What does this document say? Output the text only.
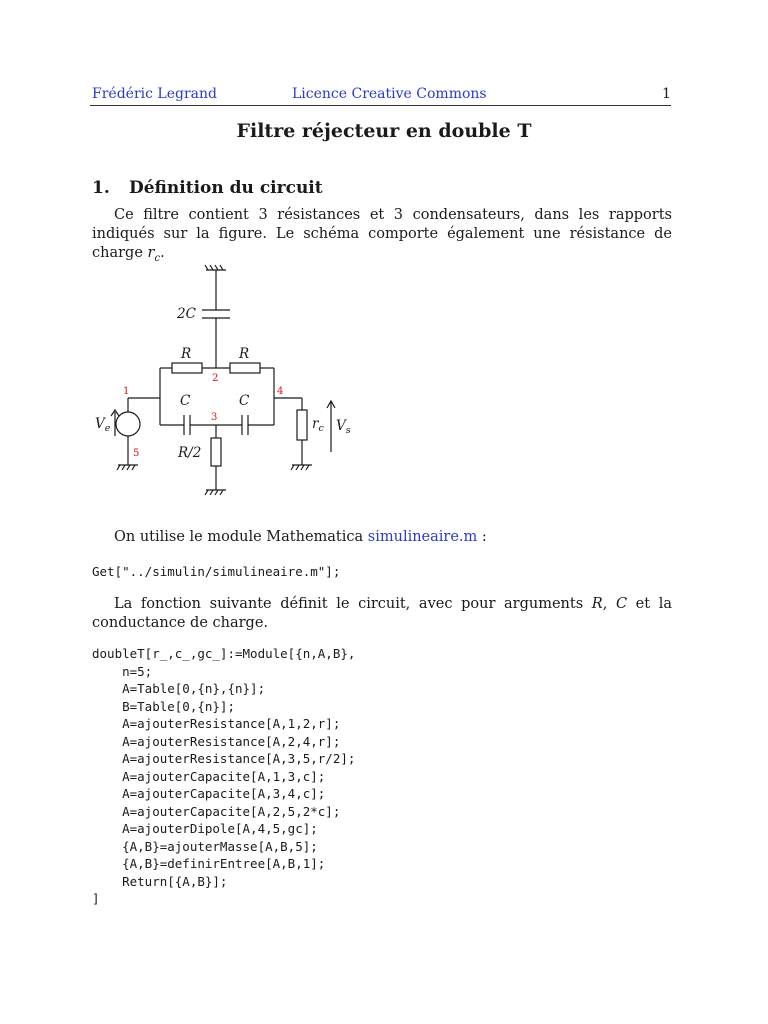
Frédéric Legrand	Licence Creative Commons	1
Filtre réjecteur en double T
1. Définition du circuit
Ce filtre contient 3 résistances et 3 condensateurs, dans les rapports indiqués sur la figure. Le schéma comporte également une résistance de charge $r_c$.
2C
R	R
2
1	4
C	C
3
R/2
$V_e$
5
$r_c$ $V_s$
On utilise le module Mathematica simulineaire.m :
Get["../simulin/simulineaire.m"];
La fonction suivante définit le circuit, avec pour arguments R, C et la conductance de charge.
doubleT[r_,c_,gc_]:=Module[{n,A,B},
n=5;
A=Table[0,{n},{n}];
B=Table[0,{n}];
A=ajouterResistance[A,1,2,r];
A=ajouterResistance[A,2,4,r];
A=ajouterResistance[A,3,5,r/2];
A=ajouterCapacite[A,1,3,c];
A=ajouterCapacite[A,3,4,c];
A=ajouterCapacite[A,2,5,2*c];
A=ajouterDipole[A,4,5,gc];
{A,B}=ajouterMasse[A,B,5];
{A,B}=definirEntree[A,B,1];
Return[{A,B}];
]
